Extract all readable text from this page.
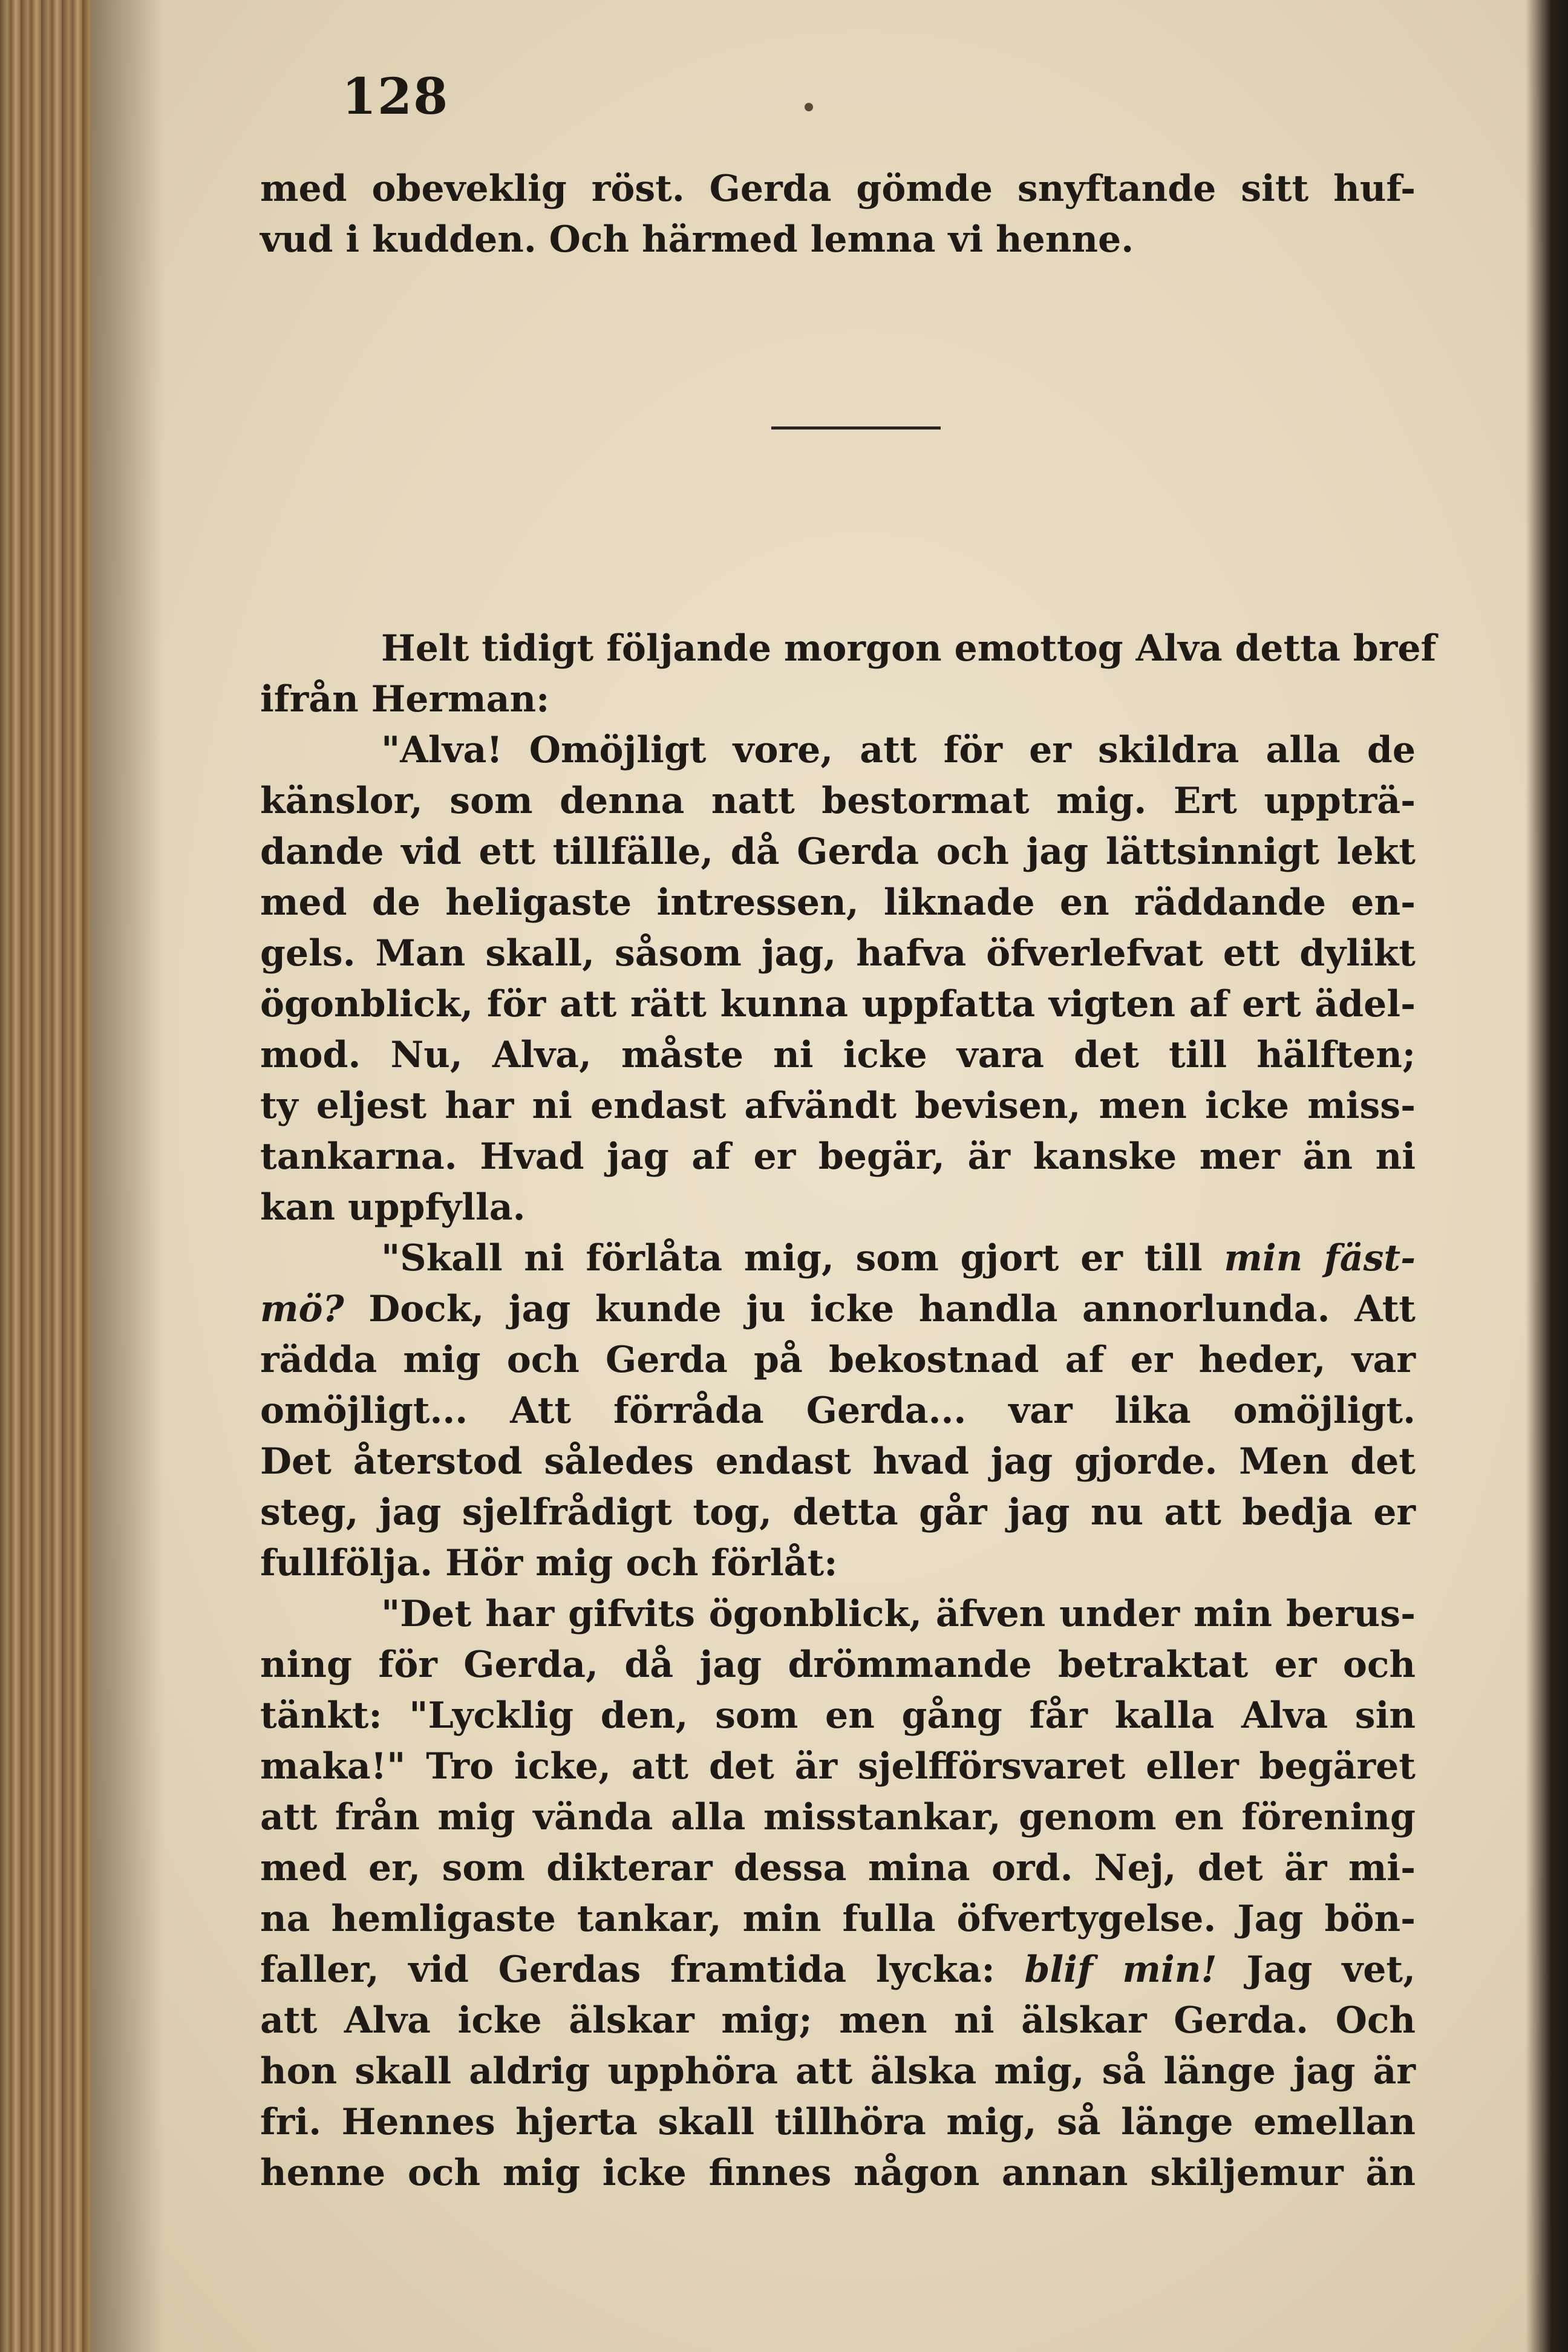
128
med obeveklig röst. Gerda gömde snyftande sitt huf-
vud i kudden. Och härmed lemna vi henne.
Helt tidigt följande morgon emottog Alva detta bref
ifrån Herman:
"Alva! Omöjligt vore, att för er skildra alla de
känslor, som denna natt bestormat mig. Ert uppträ-
dande vid ett tillfälle, då Gerda och jag lättsinnigt lekt
med de heligaste intressen, liknade en räddande en-
gels. Man skall, såsom jag, hafva öfverlefvat ett dylikt
ögonblick, för att rätt kunna uppfatta vigten af ert ädel-
mod. Nu, Alva, måste ni icke vara det till hälften;
ty eljest har ni endast afvändt bevisen, men icke miss-
tankarna. Hvad jag af er begär, är kanske mer än ni
kan uppfylla.
"Skall ni förlåta mig, som gjort er till min fäst-
mö? Dock, jag kunde ju icke handla annorlunda. Att
rädda mig och Gerda på bekostnad af er heder, var
omöjligt... Att förråda Gerda... var lika omöjligt.
Det återstod således endast hvad jag gjorde. Men det
steg, jag sjelfrådigt tog, detta går jag nu att bedja er
fullfölja. Hör mig och förlåt:
"Det har gifvits ögonblick, äfven under min berus-
ning för Gerda, då jag drömmande betraktat er och
tänkt: "Lycklig den, som en gång får kalla Alva sin
maka!" Tro icke, att det är sjelfförsvaret eller begäret
att från mig vända alla misstankar, genom en förening
med er, som dikterar dessa mina ord. Nej, det är mi-
na hemligaste tankar, min fulla öfvertygelse. Jag bön-
faller, vid Gerdas framtida lycka: blif min! Jag vet,
att Alva icke älskar mig; men ni älskar Gerda. Och
hon skall aldrig upphöra att älska mig, så länge jag är
fri. Hennes hjerta skall tillhöra mig, så länge emellan
henne och mig icke finnes någon annan skiljemur än
